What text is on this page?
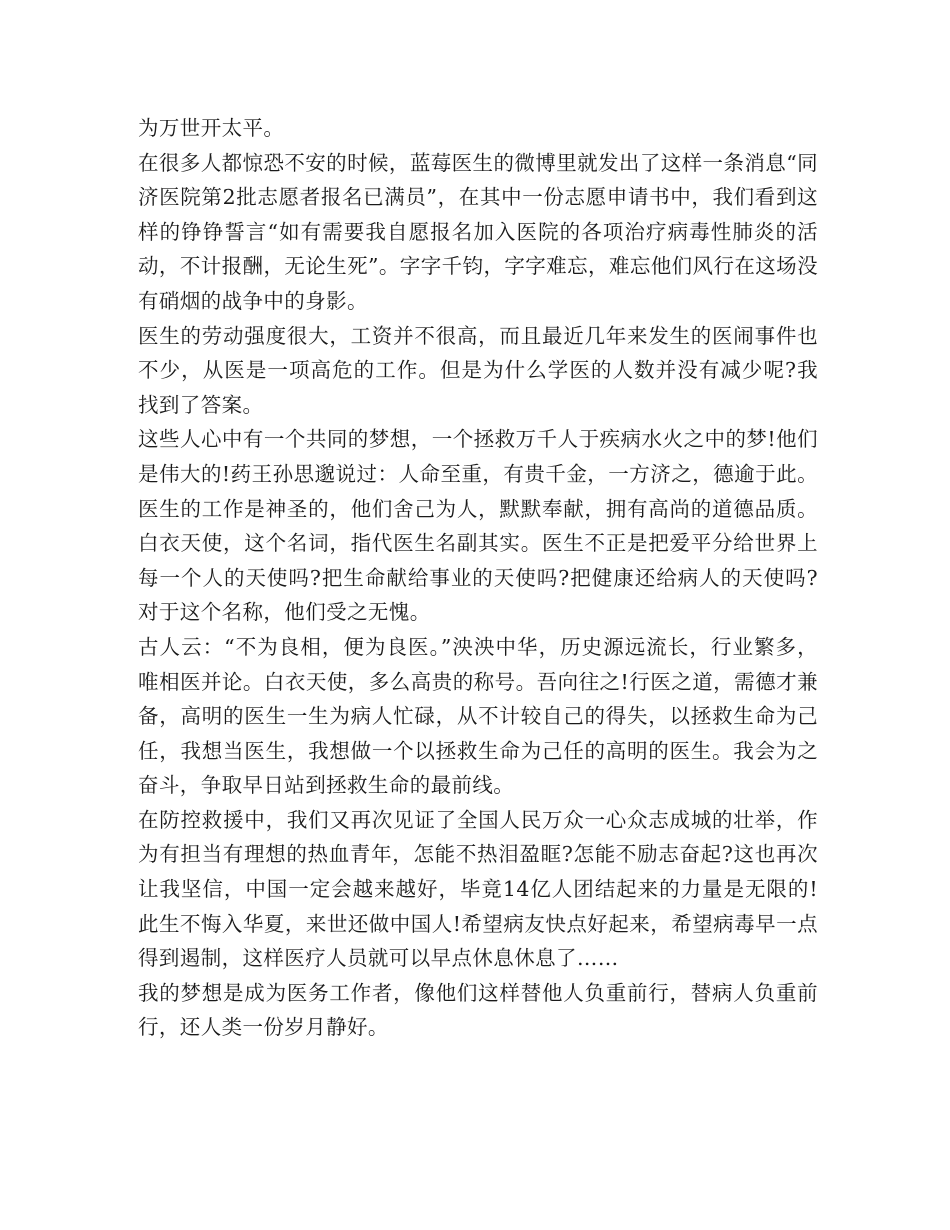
为万世开太平。

在很多人都惊恐不安的时候，蓝莓医生的微博里就发出了这样一条消息“同济医院第2批志愿者报名已满员”，在其中一份志愿申请书中，我们看到这样的铮铮誓言“如有需要我自愿报名加入医院的各项治疗病毒性肺炎的活动，不计报酬，无论生死”。字字千钧，字字难忘，难忘他们风行在这场没有硝烟的战争中的身影。

医生的劳动强度很大，工资并不很高，而且最近几年来发生的医闹事件也不少，从医是一项高危的工作。但是为什么学医的人数并没有减少呢?我找到了答案。

这些人心中有一个共同的梦想，一个拯救万千人于疾病水火之中的梦!他们是伟大的!药王孙思邈说过：人命至重，有贵千金，一方济之，德逾于此。医生的工作是神圣的，他们舍己为人，默默奉献，拥有高尚的道德品质。白衣天使，这个名词，指代医生名副其实。医生不正是把爱平分给世界上每一个人的天使吗?把生命献给事业的天使吗?把健康还给病人的天使吗?对于这个名称，他们受之无愧。

古人云：“不为良相，便为良医。”泱泱中华，历史源远流长，行业繁多，唯相医并论。白衣天使，多么高贵的称号。吾向往之!行医之道，需德才兼备，高明的医生一生为病人忙碌，从不计较自己的得失，以拯救生命为己任，我想当医生，我想做一个以拯救生命为己任的高明的医生。我会为之奋斗，争取早日站到拯救生命的最前线。

在防控救援中，我们又再次见证了全国人民万众一心众志成城的壮举，作为有担当有理想的热血青年，怎能不热泪盈眶?怎能不励志奋起?这也再次让我坚信，中国一定会越来越好，毕竟14亿人团结起来的力量是无限的!此生不悔入华夏，来世还做中国人!希望病友快点好起来，希望病毒早一点得到遏制，这样医疗人员就可以早点休息休息了……

我的梦想是成为医务工作者，像他们这样替他人负重前行，替病人负重前行，还人类一份岁月静好。
